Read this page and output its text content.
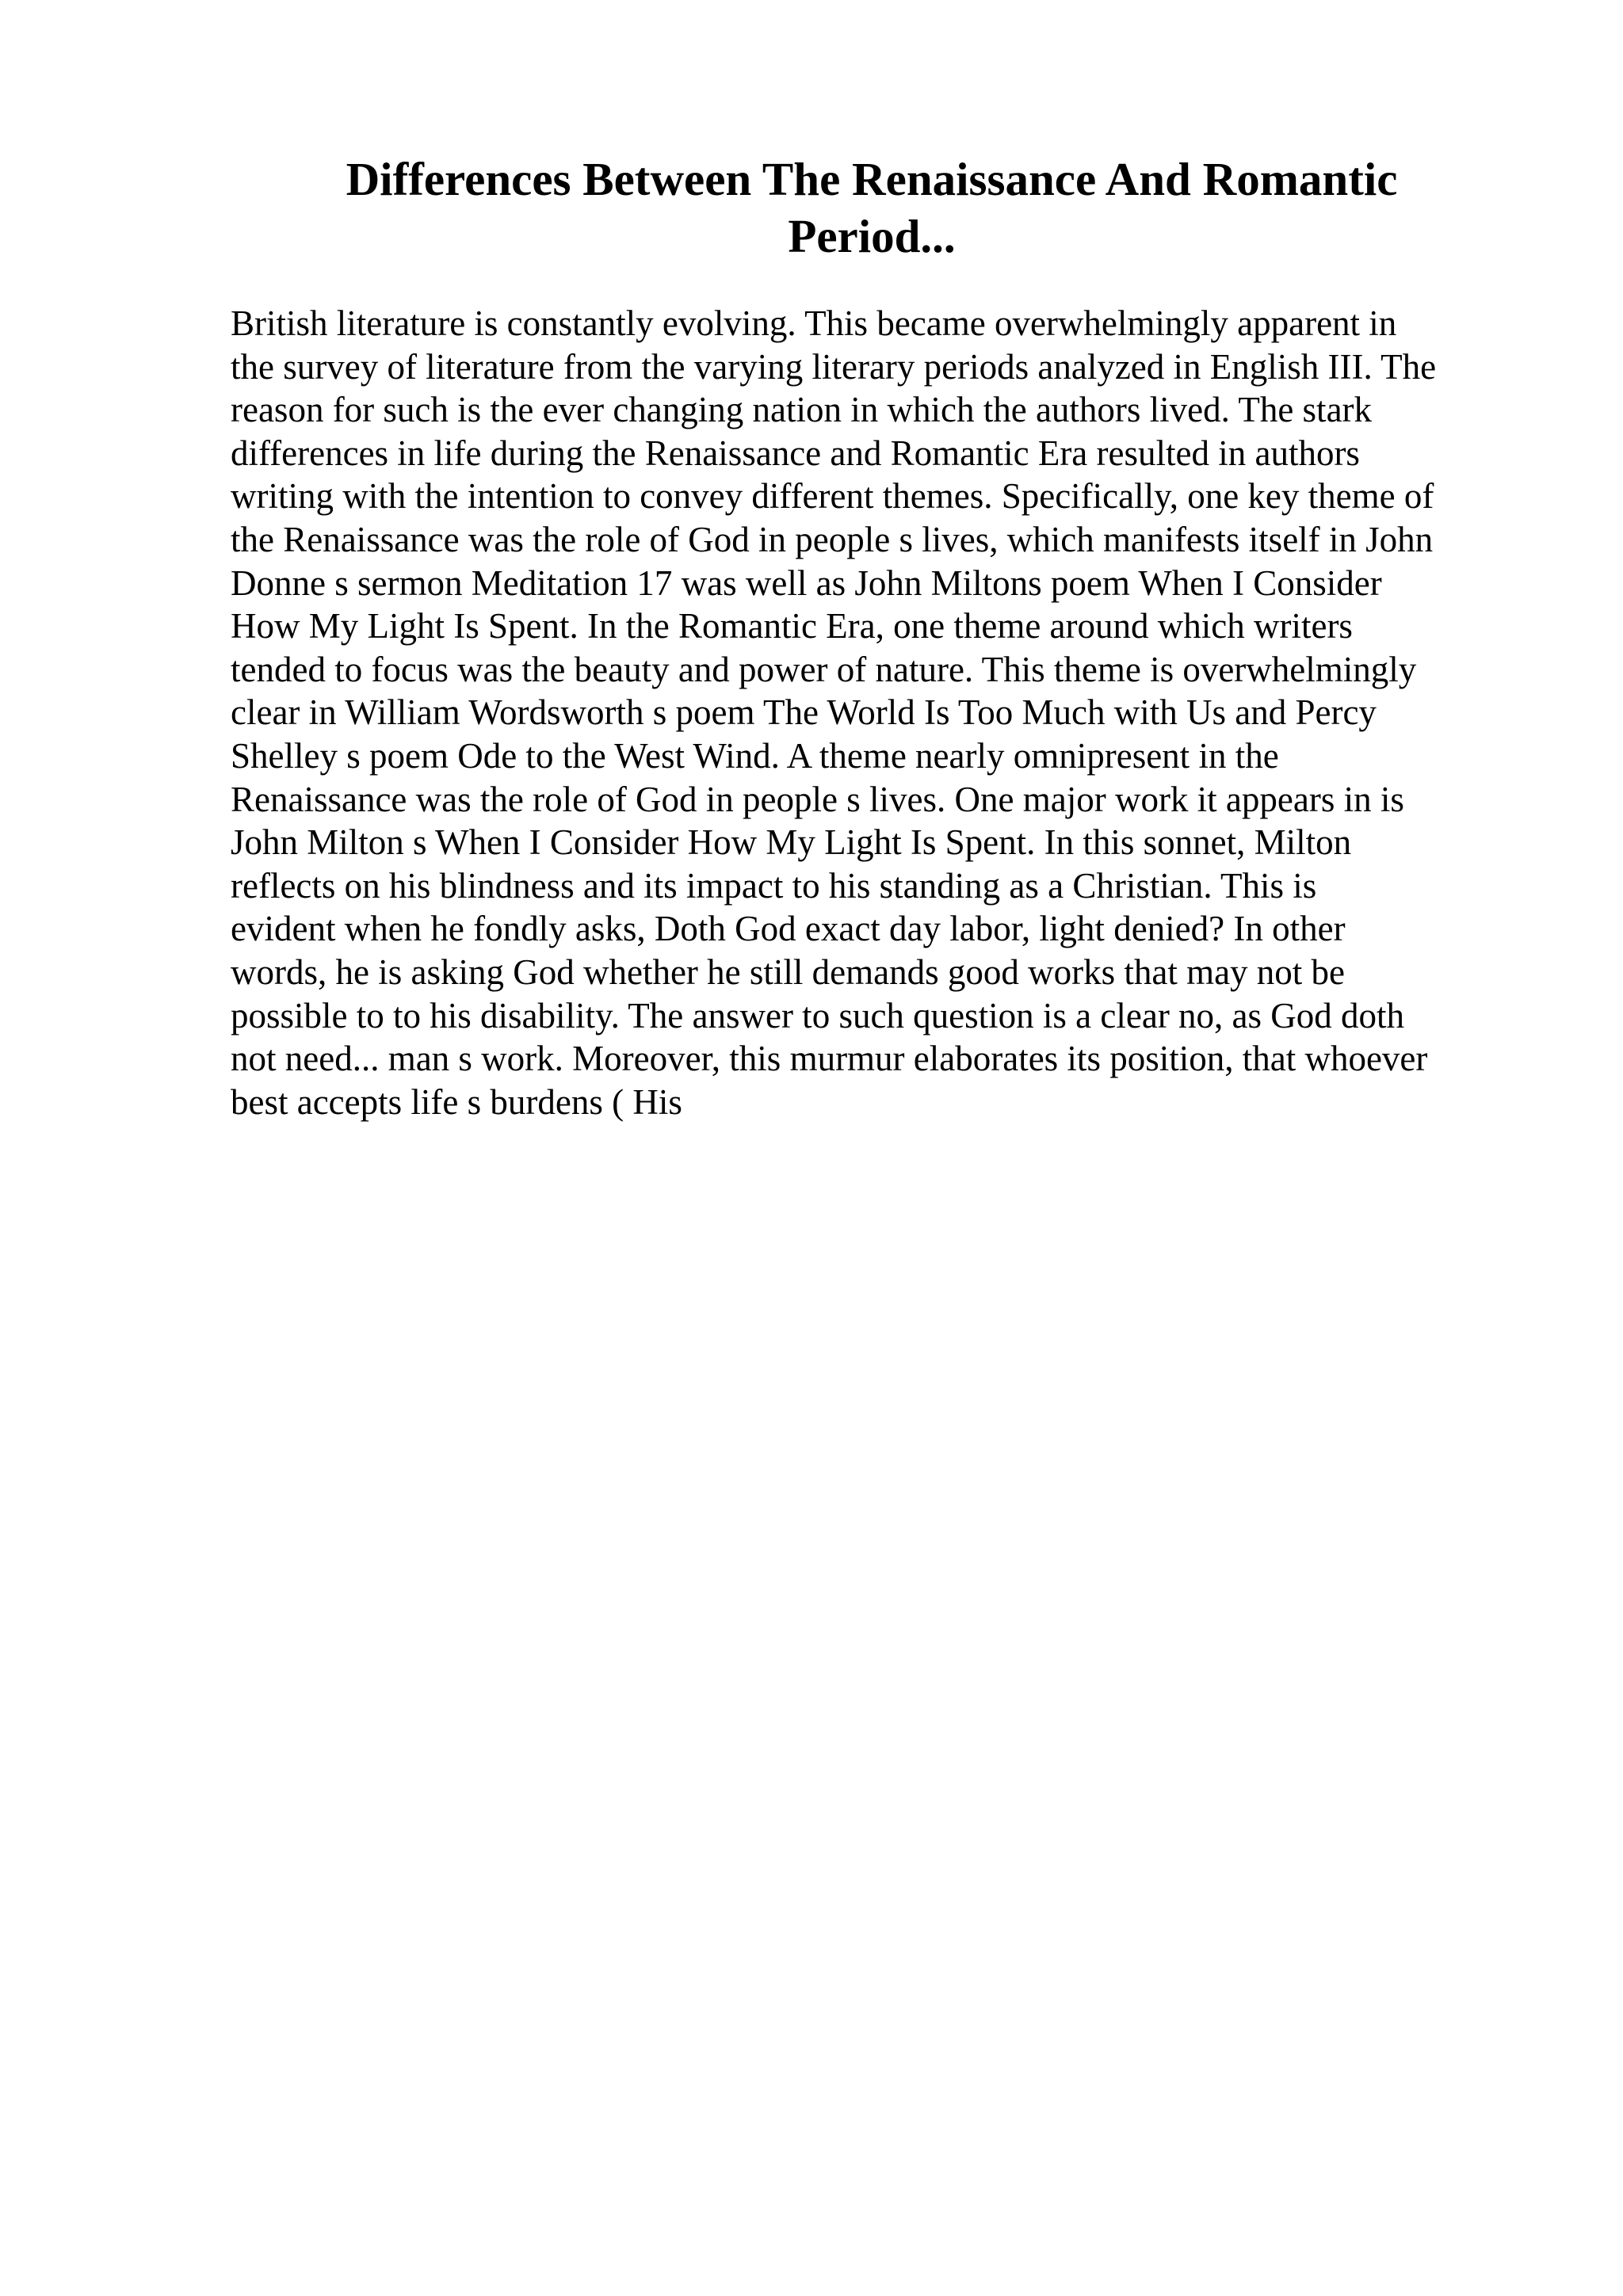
Differences Between The Renaissance And Romantic
Period...
British literature is constantly evolving. This became overwhelmingly apparent in
the survey of literature from the varying literary periods analyzed in English III. The
reason for such is the ever changing nation in which the authors lived. The stark
differences in life during the Renaissance and Romantic Era resulted in authors
writing with the intention to convey different themes. Specifically, one key theme of
the Renaissance was the role of God in people s lives, which manifests itself in John
Donne s sermon Meditation 17 was well as John Miltons poem When I Consider
How My Light Is Spent. In the Romantic Era, one theme around which writers
tended to focus was the beauty and power of nature. This theme is overwhelmingly
clear in William Wordsworth s poem The World Is Too Much with Us and Percy
Shelley s poem Ode to the West Wind. A theme nearly omnipresent in the
Renaissance was the role of God in people s lives. One major work it appears in is
John Milton s When I Consider How My Light Is Spent. In this sonnet, Milton
reflects on his blindness and its impact to his standing as a Christian. This is
evident when he fondly asks, Doth God exact day labor, light denied? In other
words, he is asking God whether he still demands good works that may not be
possible to to his disability. The answer to such question is a clear no, as God doth
not need... man s work. Moreover, this murmur elaborates its position, that whoever
best accepts life s burdens ( His
